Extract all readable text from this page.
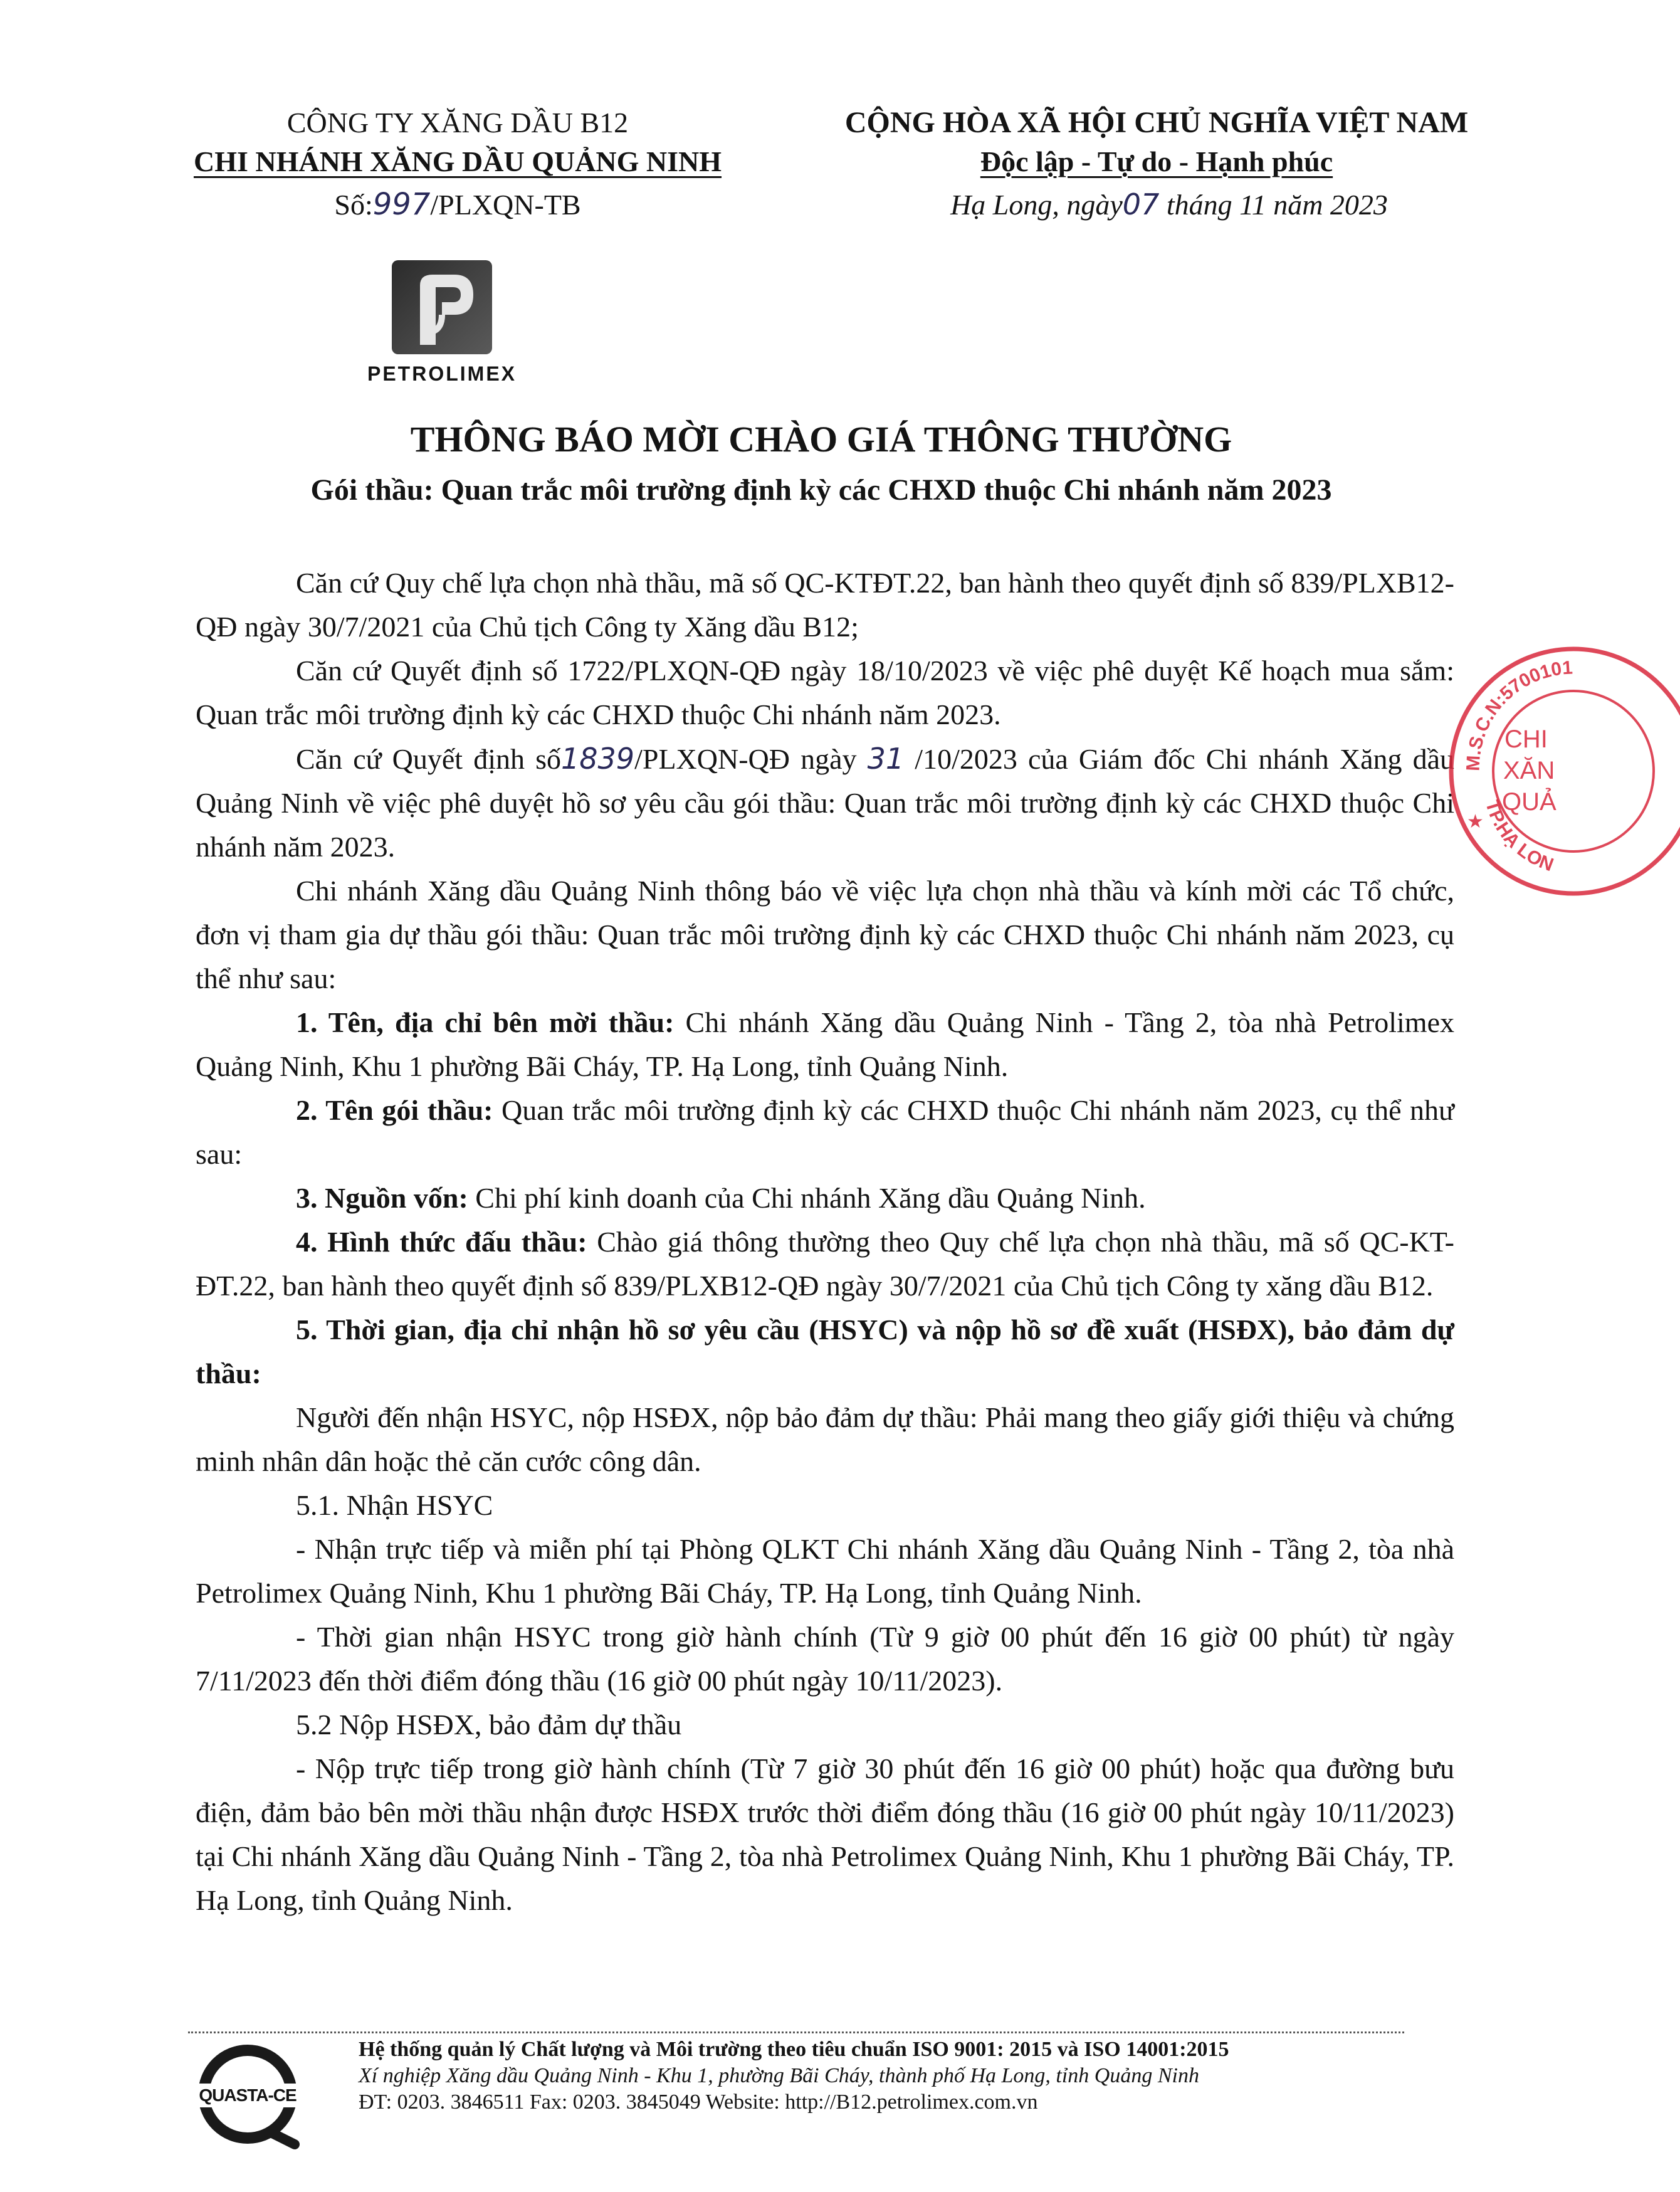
CÔNG TY XĂNG DẦU B12
CHI NHÁNH XĂNG DẦU QUẢNG NINH
Số:997/PLXQN-TB
PETROLIMEX
CỘNG HÒA XÃ HỘI CHỦ NGHĨA VIỆT NAM
Độc lập - Tự do - Hạnh phúc
Hạ Long, ngày07 tháng 11 năm 2023
THÔNG BÁO MỜI CHÀO GIÁ THÔNG THƯỜNG
Gói thầu: Quan trắc môi trường định kỳ các CHXD thuộc Chi nhánh năm 2023

Căn cứ Quy chế lựa chọn nhà thầu, mã số QC-KTĐT.22, ban hành theo quyết định số 839/PLXB12-QĐ ngày 30/7/2021 của Chủ tịch Công ty Xăng dầu B12;

Căn cứ Quyết định số 1722/PLXQN-QĐ ngày 18/10/2023 về việc phê duyệt Kế hoạch mua sắm: Quan trắc môi trường định kỳ các CHXD thuộc Chi nhánh năm 2023.

Căn cứ Quyết định số1839/PLXQN-QĐ ngày 31 /10/2023 của Giám đốc Chi nhánh Xăng dầu Quảng Ninh về việc phê duyệt hồ sơ yêu cầu gói thầu: Quan trắc môi trường định kỳ các CHXD thuộc Chi nhánh năm 2023.

Chi nhánh Xăng dầu Quảng Ninh thông báo về việc lựa chọn nhà thầu và kính mời các Tổ chức, đơn vị tham gia dự thầu gói thầu: Quan trắc môi trường định kỳ các CHXD thuộc Chi nhánh năm 2023, cụ thể như sau:

1. Tên, địa chỉ bên mời thầu: Chi nhánh Xăng dầu Quảng Ninh - Tầng 2, tòa nhà Petrolimex Quảng Ninh, Khu 1 phường Bãi Cháy, TP. Hạ Long, tỉnh Quảng Ninh.

2. Tên gói thầu: Quan trắc môi trường định kỳ các CHXD thuộc Chi nhánh năm 2023, cụ thể như sau:

3. Nguồn vốn: Chi phí kinh doanh của Chi nhánh Xăng dầu Quảng Ninh.

4. Hình thức đấu thầu: Chào giá thông thường theo Quy chế lựa chọn nhà thầu, mã số QC-KT-ĐT.22, ban hành theo quyết định số 839/PLXB12-QĐ ngày 30/7/2021 của Chủ tịch Công ty xăng dầu B12.

5. Thời gian, địa chỉ nhận hồ sơ yêu cầu (HSYC) và nộp hồ sơ đề xuất (HSĐX), bảo đảm dự thầu:

Người đến nhận HSYC, nộp HSĐX, nộp bảo đảm dự thầu: Phải mang theo giấy giới thiệu và chứng minh nhân dân hoặc thẻ căn cước công dân.

5.1. Nhận HSYC

- Nhận trực tiếp và miễn phí tại Phòng QLKT Chi nhánh Xăng dầu Quảng Ninh - Tầng 2, tòa nhà Petrolimex Quảng Ninh, Khu 1 phường Bãi Cháy, TP. Hạ Long, tỉnh Quảng Ninh.

- Thời gian nhận HSYC trong giờ hành chính (Từ 9 giờ 00 phút đến 16 giờ 00 phút) từ ngày 7/11/2023 đến thời điểm đóng thầu (16 giờ 00 phút ngày 10/11/2023).

5.2 Nộp HSĐX, bảo đảm dự thầu

- Nộp trực tiếp trong giờ hành chính (Từ 7 giờ 30 phút đến 16 giờ 00 phút) hoặc qua đường bưu điện, đảm bảo bên mời thầu nhận được HSĐX trước thời điểm đóng thầu (16 giờ 00 phút ngày 10/11/2023) tại Chi nhánh Xăng dầu Quảng Ninh - Tầng 2, tòa nhà Petrolimex Quảng Ninh, Khu 1 phường Bãi Cháy, TP. Hạ Long, tỉnh Quảng Ninh.

M.S.C.N:5700101
TP.HẠ LON
CHI
XĂN
QUẢ
★
QUASTA-CE
Hệ thống quản lý Chất lượng và Môi trường theo tiêu chuẩn ISO 9001: 2015 và ISO 14001:2015
Xí nghiệp Xăng dầu Quảng Ninh - Khu 1, phường Bãi Cháy, thành phố Hạ Long, tỉnh Quảng Ninh
ĐT: 0203. 3846511 Fax: 0203. 3845049 Website: http://B12.petrolimex.com.vn
